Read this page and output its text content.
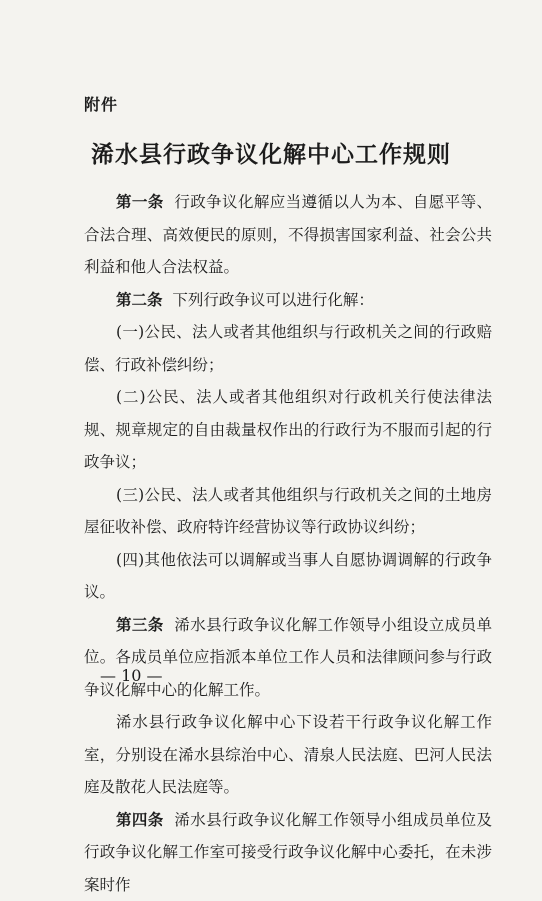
附件
浠水县行政争议化解中心工作规则

第一条 行政争议化解应当遵循以人为本、自愿平等、合法合理、高效便民的原则，不得损害国家利益、社会公共利益和他人合法权益。

第二条 下列行政争议可以进行化解：

(一)公民、法人或者其他组织与行政机关之间的行政赔偿、行政补偿纠纷；

(二)公民、法人或者其他组织对行政机关行使法律法规、规章规定的自由裁量权作出的行政行为不服而引起的行政争议；

(三)公民、法人或者其他组织与行政机关之间的土地房屋征收补偿、政府特许经营协议等行政协议纠纷；

(四)其他依法可以调解或当事人自愿协调调解的行政争议。

第三条 浠水县行政争议化解工作领导小组设立成员单位。各成员单位应指派本单位工作人员和法律顾问参与行政争议化解中心的化解工作。

浠水县行政争议化解中心下设若干行政争议化解工作室，分别设在浠水县综治中心、清泉人民法庭、巴河人民法庭及散花人民法庭等。

第四条 浠水县行政争议化解工作领导小组成员单位及行政争议化解工作室可接受行政争议化解中心委托，在未涉案时作

— 10 —
